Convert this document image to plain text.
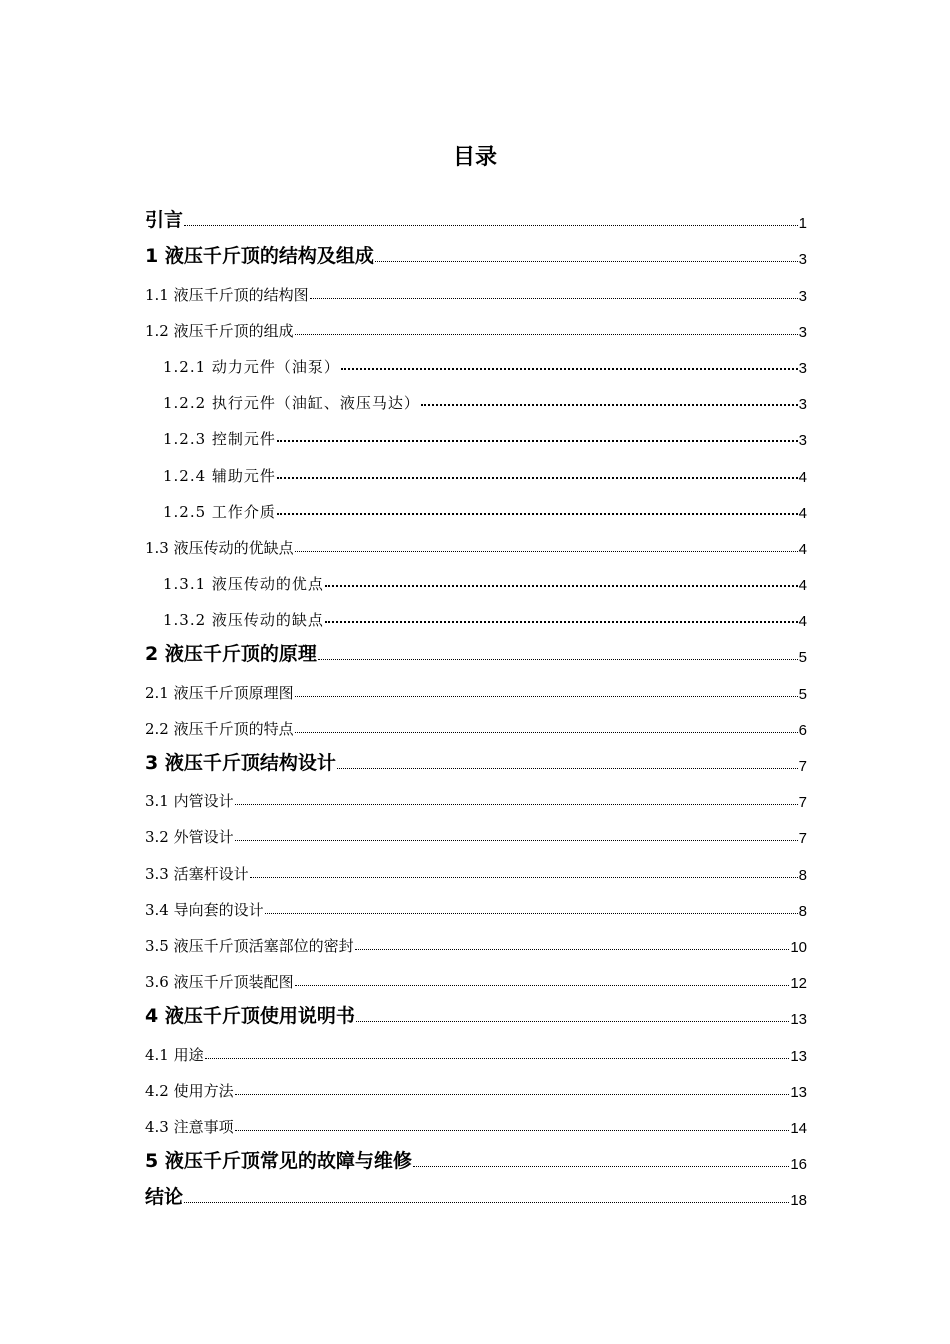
目录
引言	1
1 液压千斤顶的结构及组成	3
1.1 液压千斤顶的结构图	3
1.2 液压千斤顶的组成	3
1.2.1 动力元件（油泵）	3
1.2.2 执行元件（油缸、液压马达）	3
1.2.3 控制元件	3
1.2.4 辅助元件	4
1.2.5 工作介质	4
1.3 液压传动的优缺点	4
1.3.1 液压传动的优点	4
1.3.2 液压传动的缺点	4
2 液压千斤顶的原理	5
2.1 液压千斤顶原理图	5
2.2 液压千斤顶的特点	6
3 液压千斤顶结构设计	7
3.1 内管设计	7
3.2 外管设计	7
3.3 活塞杆设计	8
3.4 导向套的设计	8
3.5 液压千斤顶活塞部位的密封	10
3.6 液压千斤顶装配图	12
4 液压千斤顶使用说明书	13
4.1 用途	13
4.2 使用方法	13
4.3 注意事项	14
5 液压千斤顶常见的故障与维修	16
结论	18
